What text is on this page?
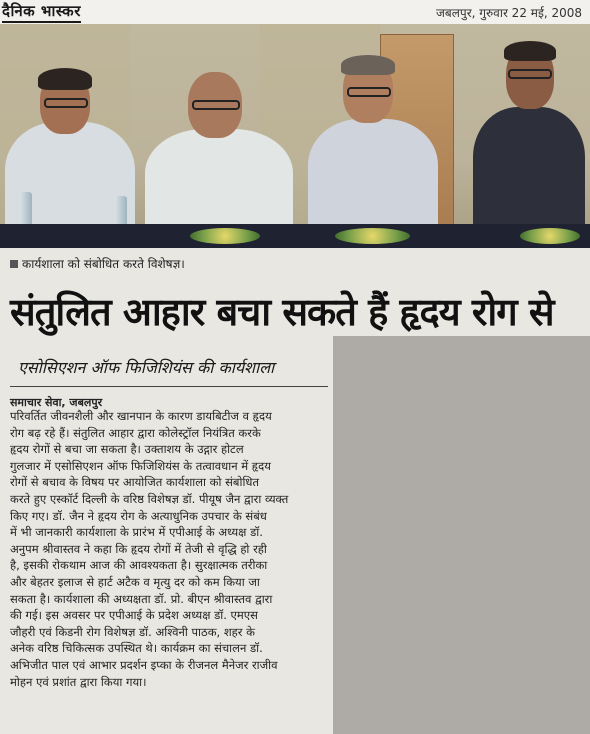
दैनिक भास्कर	जबलपुर, गुरुवार 22 मई, 2008
कार्यशाला को संबोधित करते विशेषज्ञ।
संतुलित आहार बचा सकते हैं हृदय रोग से
एसोसिएशन ऑफ फिजिशियंस की कार्यशाला
समाचार सेवा, जबलपुर
परिवर्तित जीवनशैली और खानपान के कारण डायबिटीज व हृदय
रोग बढ़ रहे हैं। संतुलित आहार द्वारा कोलेस्ट्रॉल नियंत्रित करके
हृदय रोगों से बचा जा सकता है। उक्ताशय के उद्गार होटल
गुलजार में एसोसिएशन ऑफ फिजिशियंस के तत्वावधान में हृदय
रोगों से बचाव के विषय पर आयोजित कार्यशाला को संबोधित
करते हुए एस्कॉर्ट दिल्ली के वरिष्ठ विशेषज्ञ डॉ. पीयूष जैन द्वारा व्यक्त
किए गए। डॉ. जैन ने हृदय रोग के अत्याधुनिक उपचार के संबंध
में भी जानकारी कार्यशाला के प्रारंभ में एपीआई के अध्यक्ष डॉ.
अनुपम श्रीवास्तव ने कहा कि हृदय रोगों में तेजी से वृद्धि हो रही
है, इसकी रोकथाम आज की आवश्यकता है। सुरक्षात्मक तरीका
और बेहतर इलाज से हार्ट अटैक व मृत्यु दर को कम किया जा
सकता है। कार्यशाला की अध्यक्षता डॉ. प्रो. बीएन श्रीवास्तव द्वारा
की गई। इस अवसर पर एपीआई के प्रदेश अध्यक्ष डॉ. एमएस
जौहरी एवं किडनी रोग विशेषज्ञ डॉ. अश्विनी पाठक, शहर के
अनेक वरिष्ठ चिकित्सक उपस्थित थे। कार्यक्रम का संचालन डॉ.
अभिजीत पाल एवं आभार प्रदर्शन इप्का के रीजनल मैनेजर राजीव
मोहन एवं प्रशांत द्वारा किया गया।
